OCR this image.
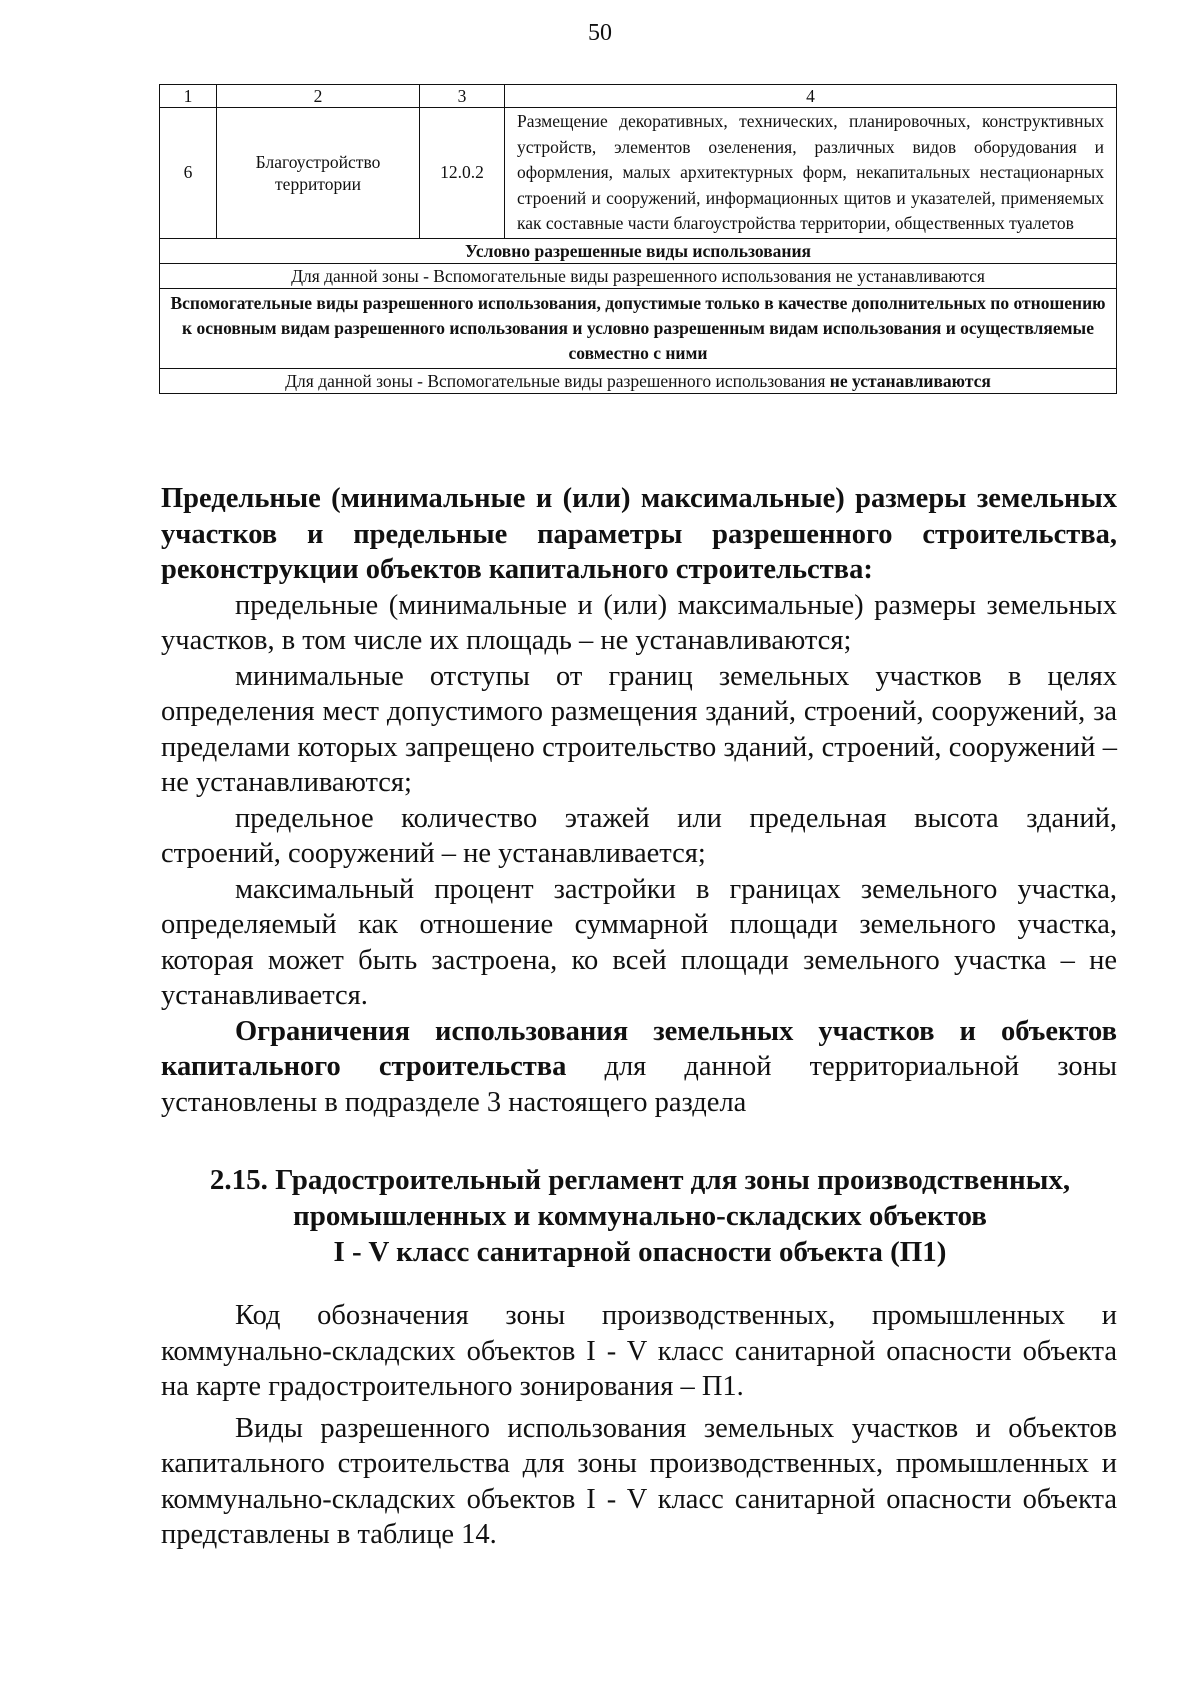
50
1	2	3	4
6	Благоустройство территории	12.0.2	Размещение декоративных, технических, планировочных, конструктивных устройств, элементов озеленения, различных видов оборудования и оформления, малых архитектурных форм, некапитальных нестационарных строений и сооружений, информационных щитов и указателей, применяемых как составные части благоустройства территории, общественных туалетов
Условно разрешенные виды использования			
Для данной зоны - Вспомогательные виды разрешенного использования не устанавливаются			
Вспомогательные виды разрешенного использования, допустимые только в качестве дополнительных по отношению к основным видам разрешенного использования и условно разрешенным видам использования и осуществляемые совместно с ними			
Для данной зоны - Вспомогательные виды разрешенного использования не устанавливаются			

Предельные (минимальные и (или) максимальные) размеры земельных участков и предельные параметры разрешенного строительства, реконструкции объектов капитального строительства:

предельные (минимальные и (или) максимальные) размеры земельных участков, в том числе их площадь – не устанавливаются;

минимальные отступы от границ земельных участков в целях определения мест допустимого размещения зданий, строений, сооружений, за пределами которых запрещено строительство зданий, строений, сооружений – не устанавливаются;

предельное количество этажей или предельная высота зданий, строений, сооружений – не устанавливается;

максимальный процент застройки в границах земельного участка, определяемый как отношение суммарной площади земельного участка, которая может быть застроена, ко всей площади земельного участка – не устанавливается.

Ограничения использования земельных участков и объектов капитального строительства для данной территориальной зоны установлены в подразделе 3 настоящего раздела

2.15. Градостроительный регламент для зоны производственных,
промышленных и коммунально-складских объектов
I - V класс санитарной опасности объекта (П1)

Код обозначения зоны производственных, промышленных и коммунально-складских объектов I - V класс санитарной опасности объекта на карте градостроительного зонирования – П1.

Виды разрешенного использования земельных участков и объектов капитального строительства для зоны производственных, промышленных и коммунально-складских объектов I - V класс санитарной опасности объекта представлены в таблице 14.
